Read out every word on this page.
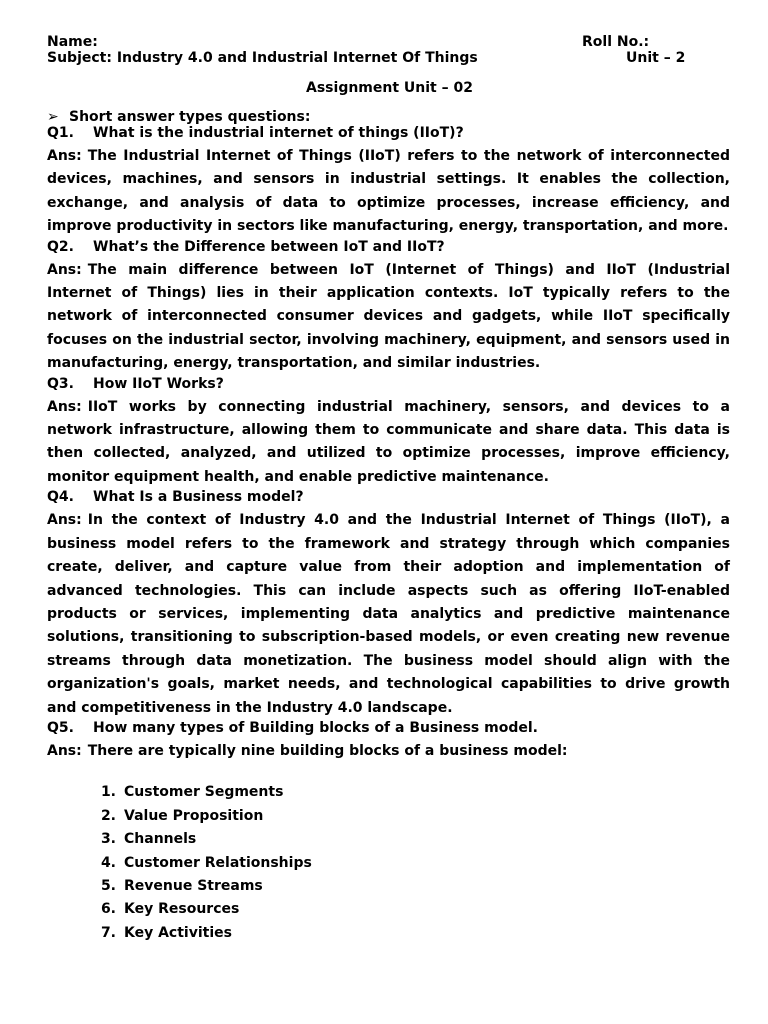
Name:	Roll No.:
Subject: Industry 4.0 and Industrial Internet Of Things	Unit – 2
Assignment Unit – 02
➢ Short answer types questions:
Q1. What is the industrial internet of things (IIoT)?

Ans: The Industrial Internet of Things (IIoT) refers to the network of interconnected devices, machines, and sensors in industrial settings. It enables the collection, exchange, and analysis of data to optimize processes, increase efficiency, and improve productivity in sectors like manufacturing, energy, transportation, and more.

Q2. What’s the Difference between IoT and IIoT?

Ans: The main difference between IoT (Internet of Things) and IIoT (Industrial Internet of Things) lies in their application contexts. IoT typically refers to the network of interconnected consumer devices and gadgets, while IIoT specifically focuses on the industrial sector, involving machinery, equipment, and sensors used in manufacturing, energy, transportation, and similar industries.

Q3. How IIoT Works?

Ans: IIoT works by connecting industrial machinery, sensors, and devices to a network infrastructure, allowing them to communicate and share data. This data is then collected, analyzed, and utilized to optimize processes, improve efficiency, monitor equipment health, and enable predictive maintenance.

Q4. What Is a Business model?

Ans: In the context of Industry 4.0 and the Industrial Internet of Things (IIoT), a business model refers to the framework and strategy through which companies create, deliver, and capture value from their adoption and implementation of advanced technologies. This can include aspects such as offering IIoT-enabled products or services, implementing data analytics and predictive maintenance solutions, transitioning to subscription-based models, or even creating new revenue streams through data monetization. The business model should align with the organization's goals, market needs, and technological capabilities to drive growth and competitiveness in the Industry 4.0 landscape.

Q5. How many types of Building blocks of a Business model.

Ans: There are typically nine building blocks of a business model:

1. Customer Segments
2. Value Proposition
3. Channels
4. Customer Relationships
5. Revenue Streams
6. Key Resources
7. Key Activities
